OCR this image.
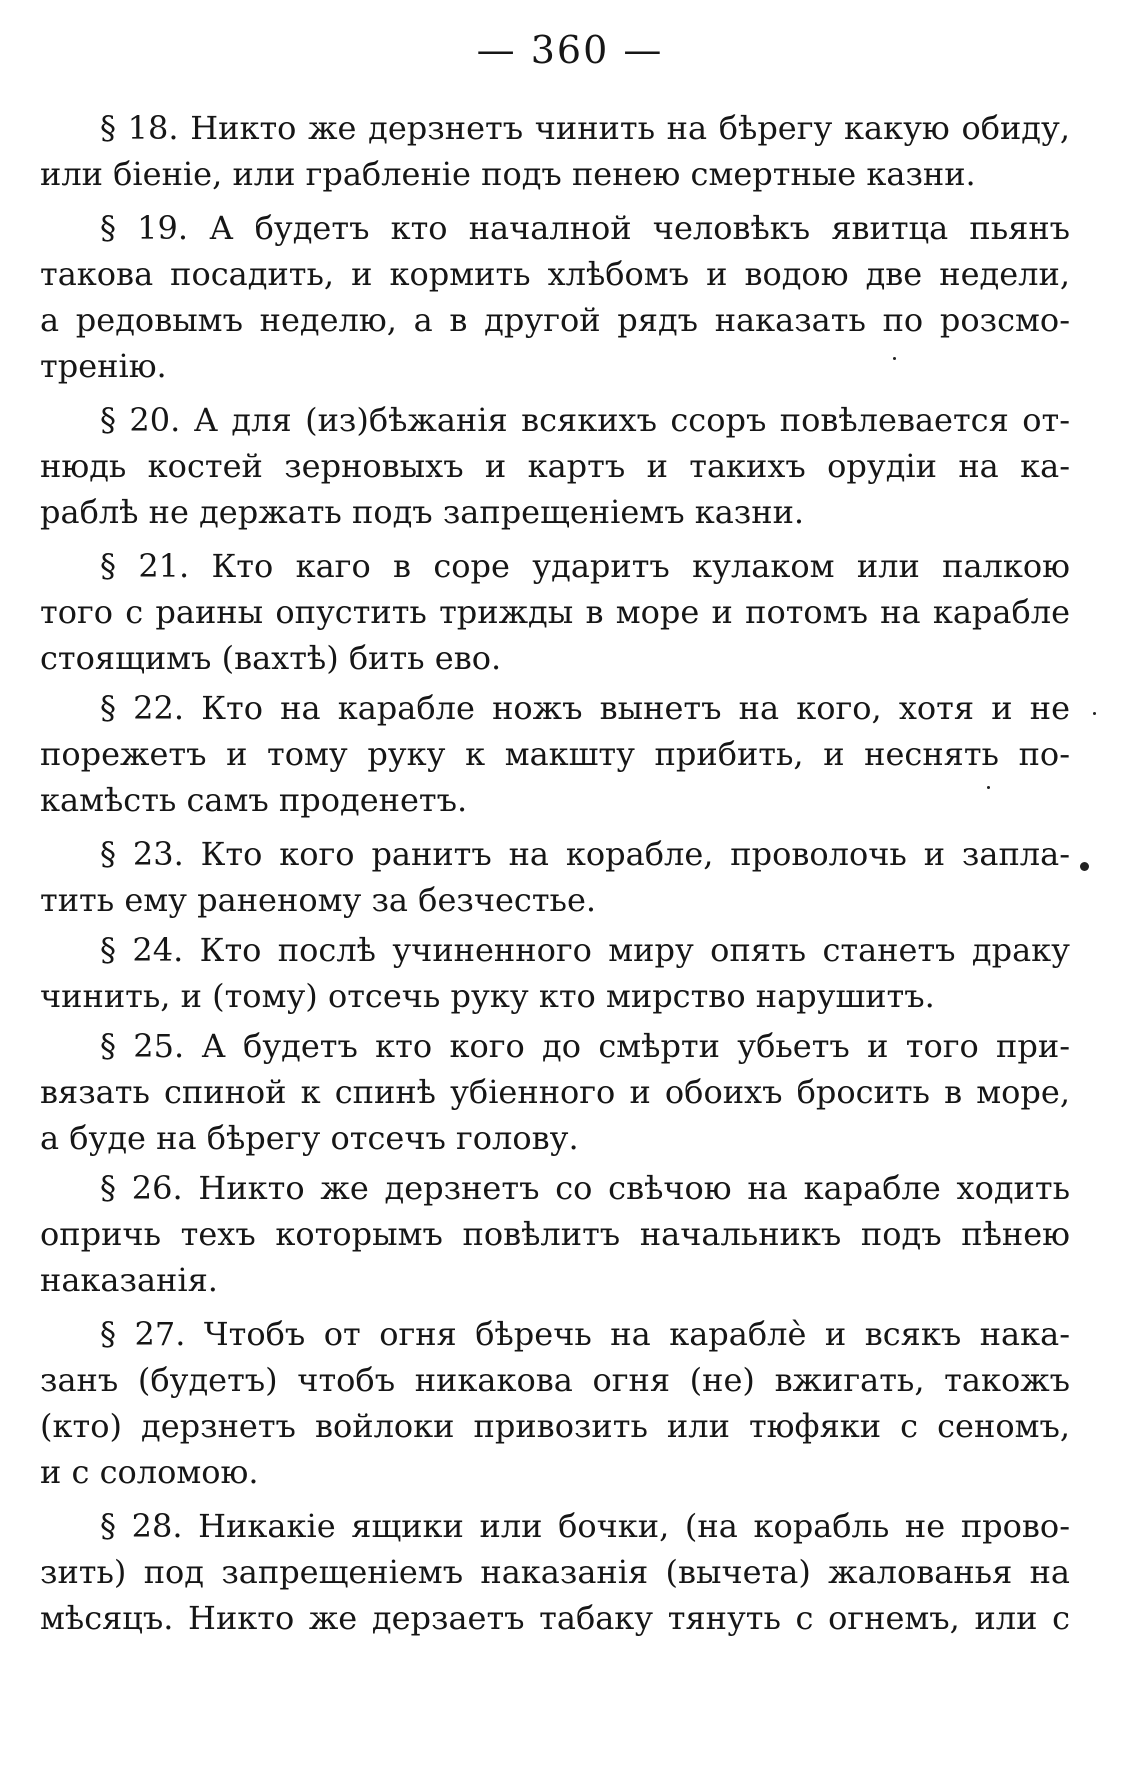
— 360 —
§ 18. Никто же дерзнетъ чинить на бѣрегу какую обиду,
или біеніе, или грабленіе подъ пенею смертные казни.
§ 19. А будетъ кто началной человѣкъ явитца пьянъ
такова посадить, и кормить хлѣбомъ и водою две недели,
а редовымъ неделю, а в другой рядъ наказать по розсмо-
тренію.
§ 20. А для (из)бѣжанія всякихъ ссоръ повѣлевается от-
нюдь костей зерновыхъ и картъ и такихъ орудіи на ка-
раблѣ не держать подъ запрещеніемъ казни.
§ 21. Кто каго в соре ударитъ кулаком или палкою
того с раины опустить трижды в море и потомъ на карабле
стоящимъ (вахтѣ) бить ево.
§ 22. Кто на карабле ножъ вынетъ на кого, хотя и не
порежетъ и тому руку к макшту прибить, и неснять по-
камѣсть самъ проденетъ.
§ 23. Кто кого ранитъ на корабле, проволочь и запла-
тить ему раненому за безчестье.
§ 24. Кто послѣ учиненного миру опять станетъ драку
чинить, и (тому) отсечь руку кто мирство нарушитъ.
§ 25. А будетъ кто кого до смѣрти убьетъ и того при-
вязать спиной к спинѣ убіенного и обоихъ бросить в море,
а буде на бѣрегу отсечъ голову.
§ 26. Никто же дерзнетъ со свѣчою на карабле ходить
опричь техъ которымъ повѣлитъ начальникъ подъ пѣнею
наказанія.
§ 27. Чтобъ от огня бѣречь на караблѐ и всякъ нака-
занъ (будетъ) чтобъ никакова огня (не) вжигать, такожъ
(кто) дерзнетъ войлоки привозить или тюфяки с сеномъ,
и с соломою.
§ 28. Никакіе ящики или бочки, (на корабль не прово-
зить) под запрещеніемъ наказанія (вычета) жалованья на
мѣсяцъ. Никто же дерзаетъ табаку тянуть с огнемъ, или с
